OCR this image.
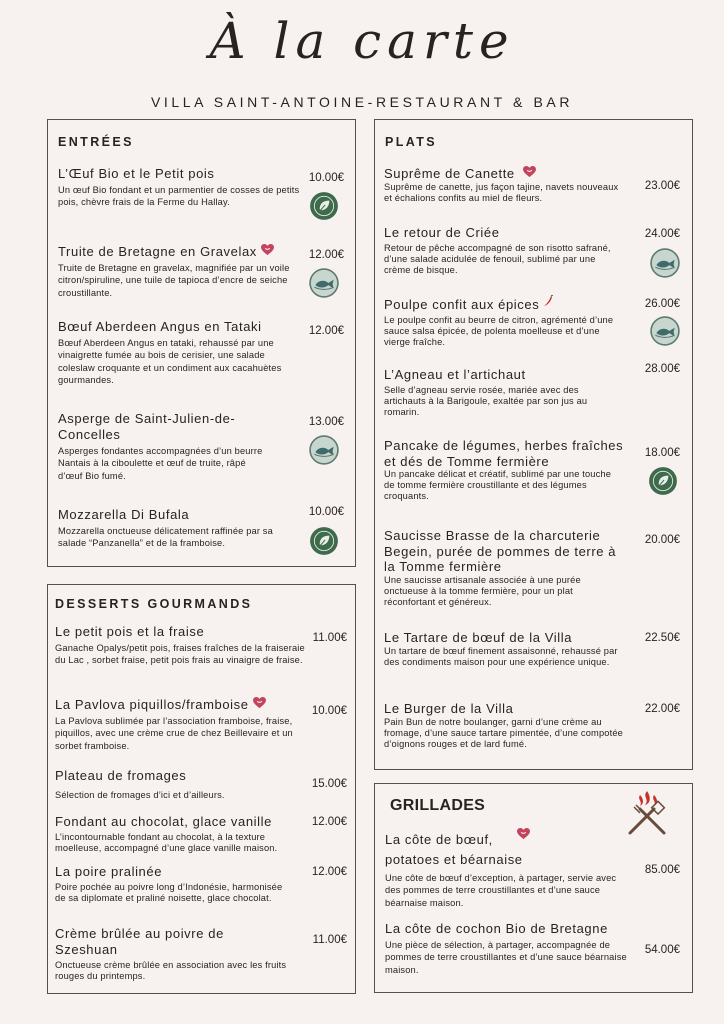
À la carte
VILLA SAINT-ANTOINE-RESTAURANT & BAR
ENTRÉES
L’Œuf Bio et le Petit pois
Un œuf Bio fondant et un parmentier de cosses de petits pois, chèvre frais de la Ferme du Hallay.
10.00€
Truite de Bretagne en Gravelax
Truite de Bretagne en gravelax, magnifiée par un voile citron/spiruline, une tuile de tapioca d’encre de seiche croustillante.
12.00€
Bœuf Aberdeen Angus en Tataki
Bœuf Aberdeen Angus en tataki, rehaussé par une vinaigrette fumée au bois de cerisier, une salade coleslaw croquante et un condiment aux cacahuètes gourmandes.
12.00€
Asperge de Saint-Julien-de-Concelles
Asperges fondantes accompagnées d’un beurre Nantais à la ciboulette et œuf de truite, râpé d’œuf Bio fumé.
13.00€
Mozzarella Di Bufala
Mozzarella onctueuse délicatement raffinée par sa salade “Panzanella” et de la framboise.
10.00€
DESSERTS GOURMANDS
Le petit pois et la fraise
Ganache Opalys/petit pois, fraises fraîches de la fraiseraie du Lac , sorbet fraise, petit pois frais au vinaigre de fraise.
11.00€
La Pavlova piquillos/framboise
La Pavlova sublimée par l’association framboise, fraise, piquillos, avec une crème crue de chez Beillevaire et un sorbet framboise.
10.00€
Plateau de fromages
Sélection de fromages d’ici et d’ailleurs.
15.00€
Fondant au chocolat, glace vanille
L’incontournable fondant au chocolat, à la texture moelleuse, accompagné d’une glace vanille maison.
12.00€
La poire pralinée
Poire pochée au poivre long d’Indonésie, harmonisée de sa diplomate et praliné noisette, glace chocolat.
12.00€
Crème brûlée au poivre de Szeshuan
Onctueuse crème brûlée en association avec les fruits rouges du printemps.
11.00€
PLATS
Suprême de Canette
Suprême de canette, jus façon tajine, navets nouveaux et échalions confits au miel de fleurs.
23.00€
Le retour de Criée
Retour de pêche accompagné de son risotto safrané, d’une salade acidulée de fenouil, sublimé par une crème de bisque.
24.00€
Poulpe confit aux épices
Le poulpe confit au beurre de citron, agrémenté d’une sauce salsa épicée, de polenta moelleuse et d’une vierge fraîche.
26.00€
L’Agneau et l’artichaut
Selle d’agneau servie rosée, mariée avec des artichauts à la Barigoule, exaltée par son jus au romarin.
28.00€
Pancake de légumes, herbes fraîches et dés de Tomme fermière
Un pancake délicat et créatif, sublimé par une touche de tomme fermière croustillante et des légumes croquants.
18.00€
Saucisse Brasse de la charcuterie Begein, purée de pommes de terre à la Tomme fermière
Une saucisse artisanale associée à une purée onctueuse à la tomme fermière, pour un plat réconfortant et généreux.
20.00€
Le Tartare de bœuf de la Villa
Un tartare de bœuf finement assaisonné, rehaussé par des condiments maison pour une expérience unique.
22.50€
Le Burger de la Villa
Pain Bun de notre boulanger, garni d’une crème au fromage, d’une sauce tartare pimentée, d’une compotée d’oignons rouges et de lard fumé.
22.00€
GRILLADES
La côte de bœuf, potatoes et béarnaise
Une côte de bœuf d’exception, à partager, servie avec des pommes de terre croustillantes et d’une sauce béarnaise maison.
85.00€
La côte de cochon Bio de Bretagne
Une pièce de sélection, à partager, accompagnée de pommes de terre croustillantes et d’une sauce béarnaise maison.
54.00€
